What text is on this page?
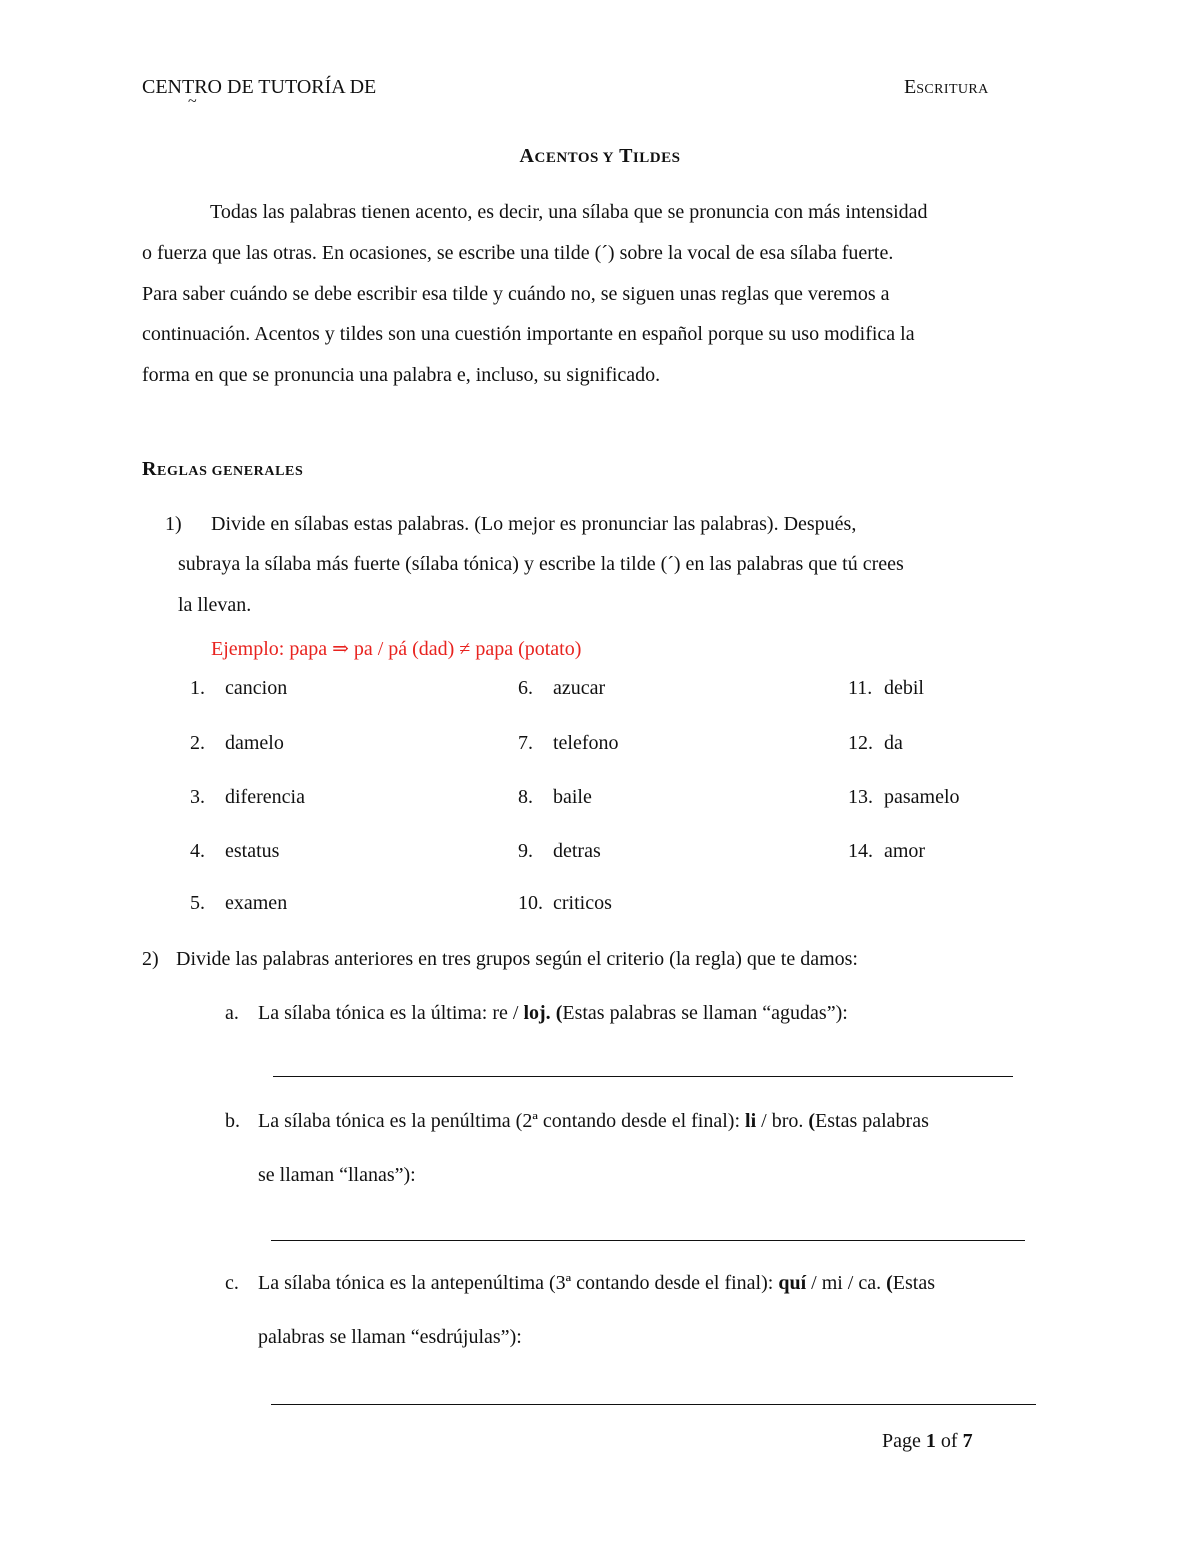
CENTRO DE TUTORÍA DE
~
ESCRITURA
ACENTOS Y TILDES
Todas las palabras tienen acento, es decir, una sílaba que se pronuncia con más intensidad
o fuerza que las otras. En ocasiones, se escribe una tilde (´) sobre la vocal de esa sílaba fuerte.
Para saber cuándo se debe escribir esa tilde y cuándo no, se siguen unas reglas que veremos a
continuación. Acentos y tildes son una cuestión importante en español porque su uso modifica la
forma en que se pronuncia una palabra e, incluso, su significado.
REGLAS GENERALES
1) Divide en sílabas estas palabras. (Lo mejor es pronunciar las palabras). Después,
subraya la sílaba más fuerte (sílaba tónica) y escribe la tilde (´) en las palabras que tú crees
la llevan.
Ejemplo: papa ⇒ pa / pá (dad) ≠ papa (potato)
1. cancion
2. damelo
3. diferencia
4. estatus
5. examen
6. azucar
7. telefono
8. baile
9. detras
10. criticos
11. debil
12. da
13. pasamelo
14. amor
2) Divide las palabras anteriores en tres grupos según el criterio (la regla) que te damos:
a. La sílaba tónica es la última: re / loj. (Estas palabras se llaman “agudas”):
b. La sílaba tónica es la penúltima (2ª contando desde el final): li / bro. (Estas palabras
se llaman “llanas”):
c. La sílaba tónica es la antepenúltima (3ª contando desde el final): quí / mi / ca. (Estas
palabras se llaman “esdrújulas”):
Page 1 of 7
